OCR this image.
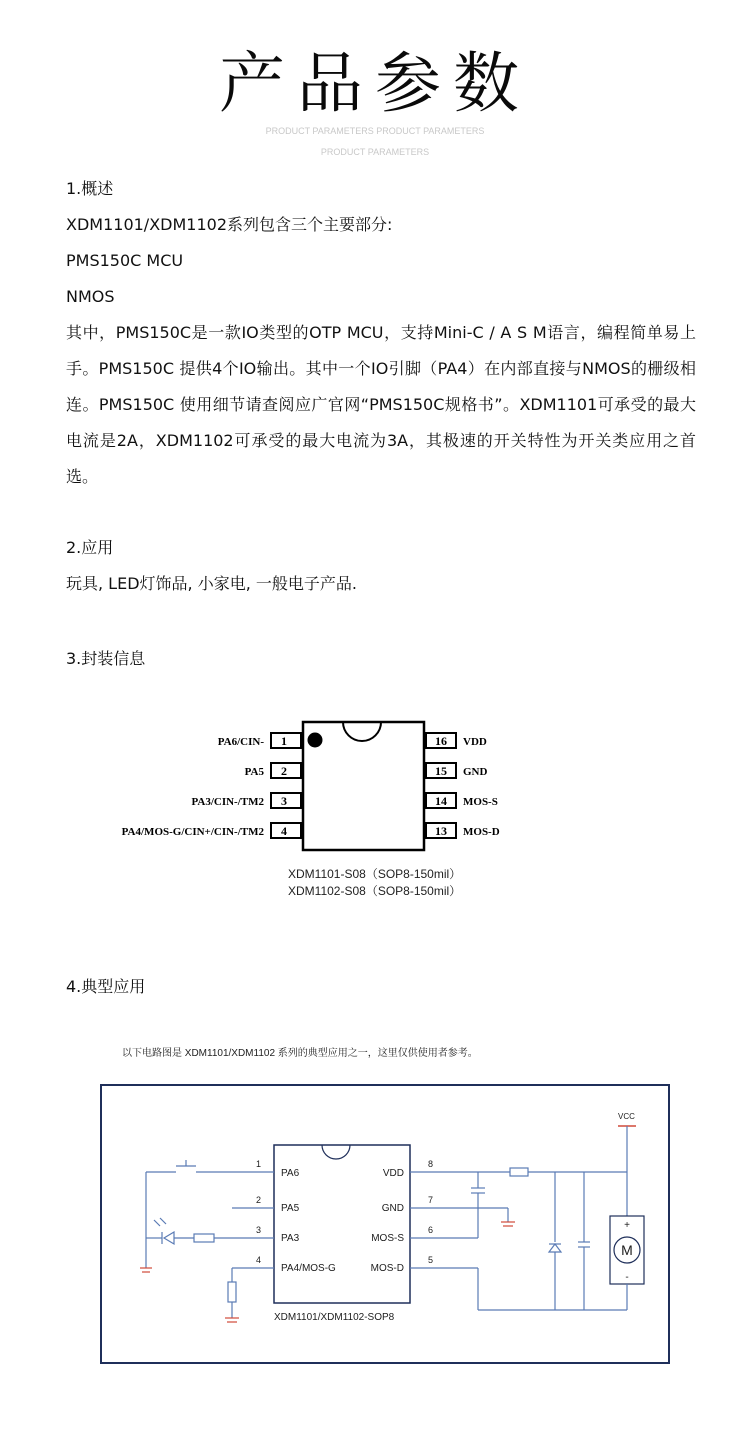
产品参数
PRODUCT PARAMETERS PRODUCT PARAMETERS
PRODUCT PARAMETERS
1.概述
XDM1101/XDM1102系列包含三个主要部分:
PMS150C MCU
NMOS
其中，PMS150C是一款IO类型的OTP MCU，支持Mini-C / A S M语言，编程简单易上手。PMS150C 提供4个IO输出。其中一个IO引脚（PA4）在内部直接与NMOS的栅级相连。PMS150C 使用细节请查阅应广官网“PMS150C规格书”。XDM1101可承受的最大电流是2A，XDM1102可承受的最大电流为3A，其极速的开关特性为开关类应用之首选。
2.应用
玩具, LED灯饰品, 小家电, 一般电子产品.
3.封装信息
1
PA6/CIN-
2
PA5
3
PA3/CIN-/TM2
4
PA4/MOS-G/CIN+/CIN-/TM2
16 VDD
15 GND
14 MOS-S
13 MOS-D
XDM1101-S08（SOP8-150mil）
XDM1102-S08（SOP8-150mil）
4.典型应用
以下电路图是 XDM1101/XDM1102 系列的典型应用之一，这里仅供使用者参考。
PA6
PA5
PA3
PA4/MOS-G
VDD
GND
MOS-S
MOS-D
1
2
3
4
8
7
6
5
XDM1101/XDM1102-SOP8
VCC
M
+
-
